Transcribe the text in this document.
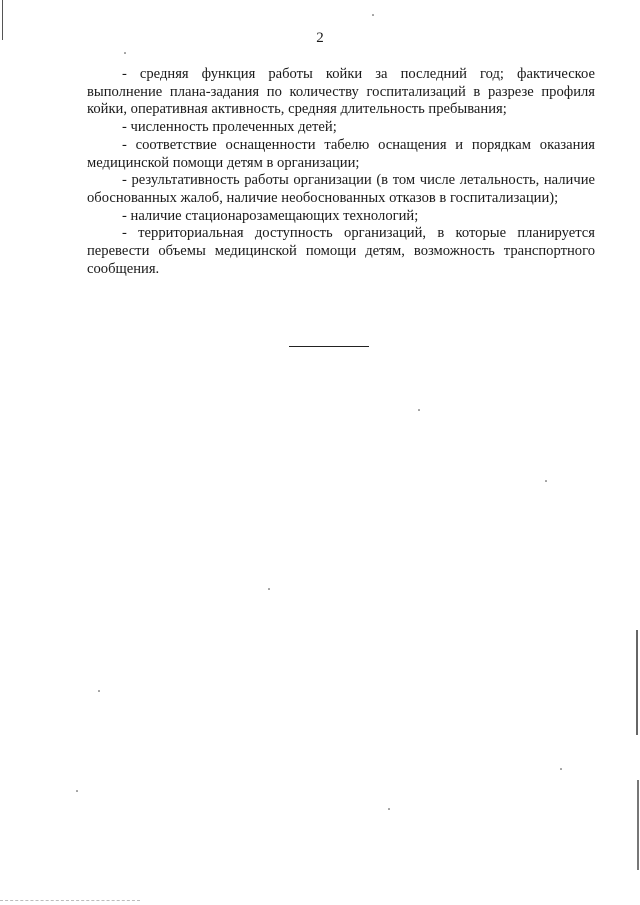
2

- средняя функция работы койки за последний год; фактическое выполнение плана-задания по количеству госпитализаций в разрезе профиля койки, оперативная активность, средняя длительность пребывания;

- численность пролеченных детей;

- соответствие оснащенности табелю оснащения и порядкам оказания медицинской помощи детям в организации;

- результативность работы организации (в том числе летальность, наличие обоснованных жалоб, наличие необоснованных отказов в госпитализации);

- наличие стационарозамещающих технологий;

- территориальная доступность организаций, в которые планируется перевести объемы медицинской помощи детям, возможность транспортного сообщения.
